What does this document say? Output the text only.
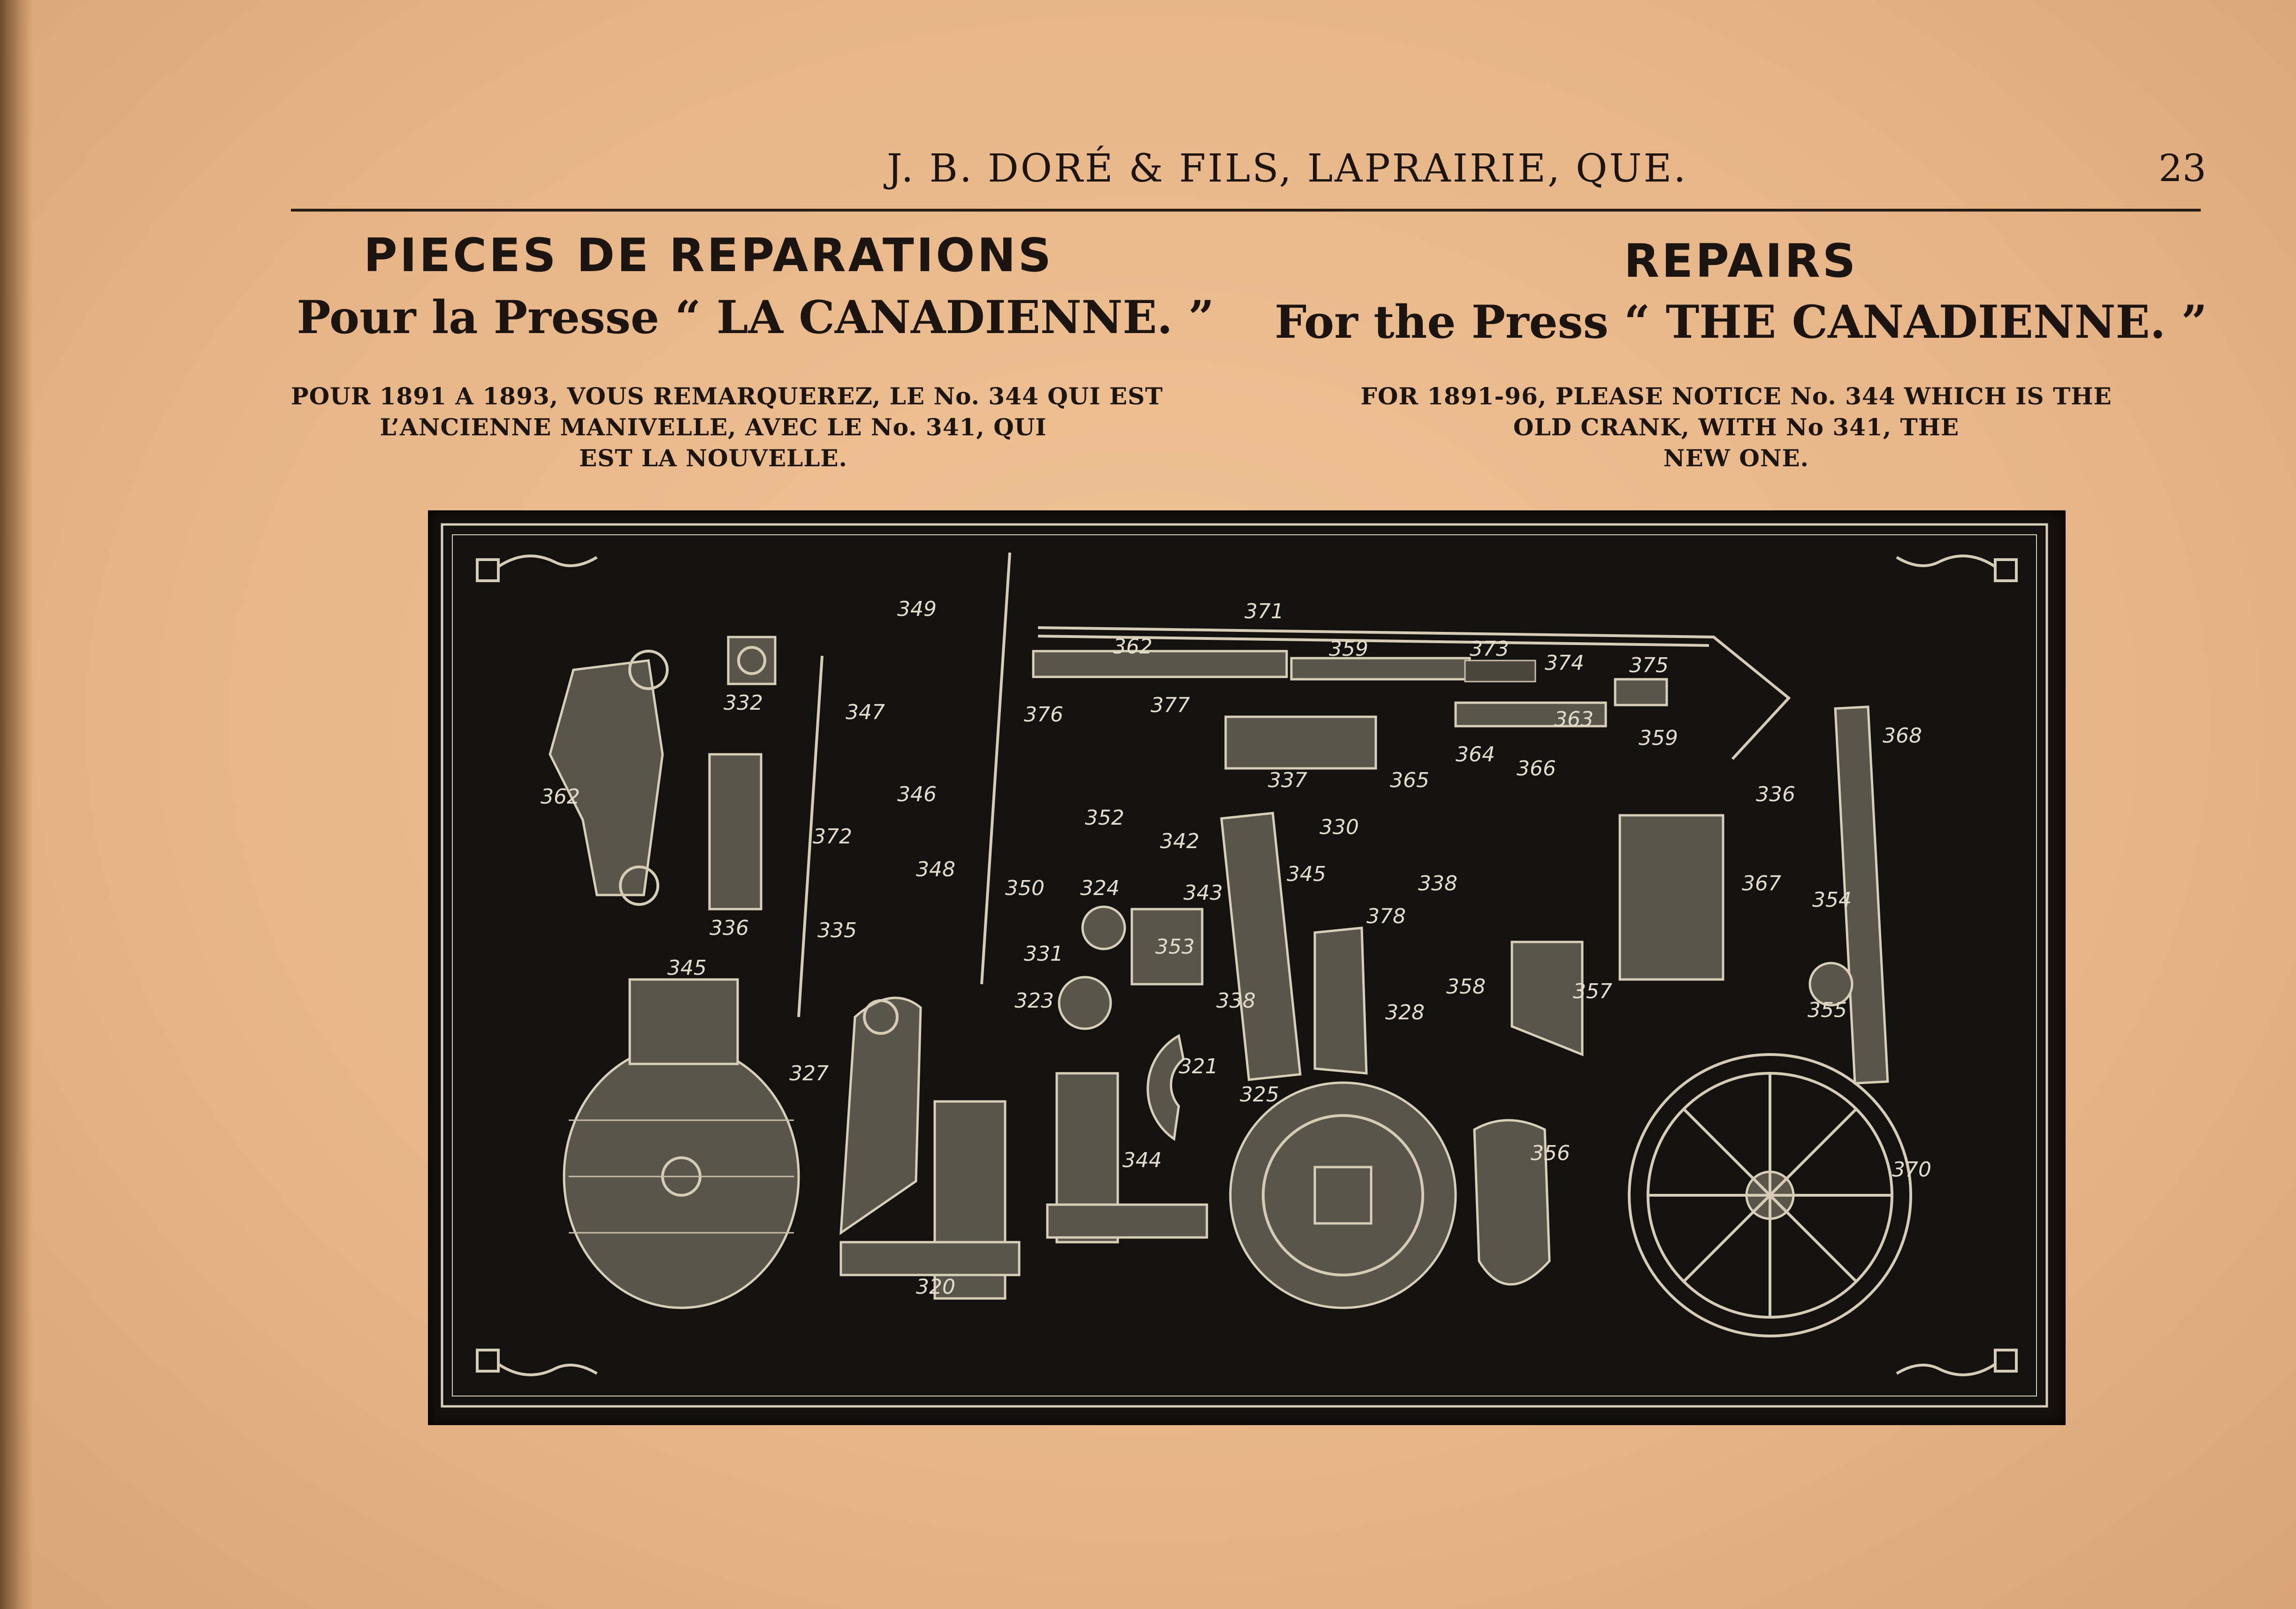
J. B. DORÉ & FILS, LAPRAIRIE, QUE.	23
PIECES DE REPARATIONS
Pour la Presse “ LA CANADIENNE. ”
REPAIRS
For the Press “ THE CANADIENNE. ”
POUR 1891 A 1893, VOUS REMARQUEREZ, LE No. 344 QUI EST
L’ANCIENNE MANIVELLE, AVEC LE No. 341, QUI
EST LA NOUVELLE.
FOR 1891-96, PLEASE NOTICE No. 344 WHICH IS THE
OLD CRANK, WITH No 341, THE
NEW ONE.
371
362	359	373
374 375
349
332	347	376	377
363
359	368
362	336
372
346
337
364
365	366
336
352
342
330
345
348
350 324	343	338	367
354
378
335
331	353
345
323	338
358	357
355
328
327	321
325
344	356
370
320
